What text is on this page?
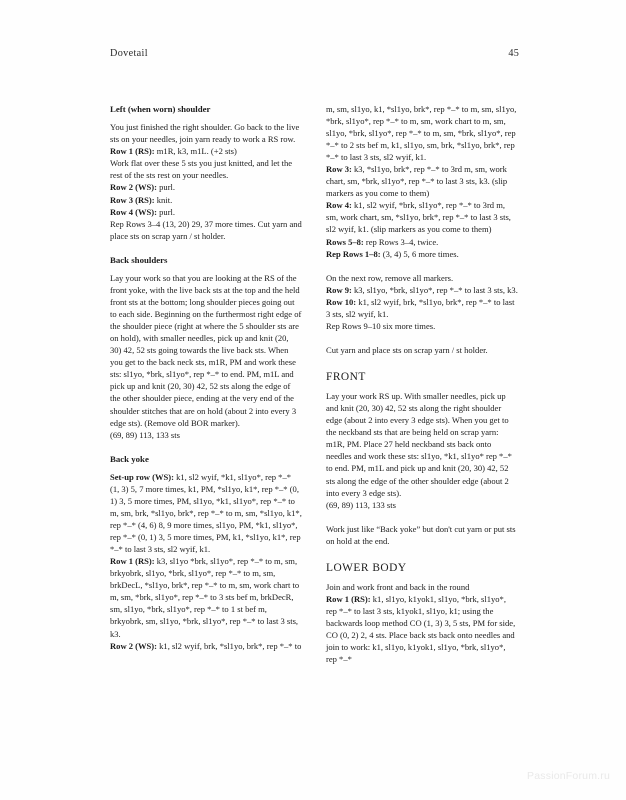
Dovetail	45

Left (when worn) shoulder

You just finished the right shoulder. Go back to the live sts on your needles, join yarn ready to work a RS row.

Row 1 (RS): m1R, k3, m1L. (+2 sts)

Work flat over these 5 sts you just knitted, and let the rest of the sts rest on your needles.

Row 2 (WS): purl.

Row 3 (RS): knit.

Row 4 (WS): purl.

Rep Rows 3–4 (13, 20) 29, 37 more times. Cut yarn and place sts on scrap yarn / st holder.

Back shoulders

Lay your work so that you are looking at the RS of the front yoke, with the live back sts at the top and the held front sts at the bottom; long shoulder pieces going out to each side. Beginning on the furthermost right edge of the shoulder piece (right at where the 5 shoulder sts are on hold), with smaller needles, pick up and knit (20, 30) 42, 52 sts going towards the live back sts. When you get to the back neck sts, m1R, PM and work these sts: sl1yo, *brk, sl1yo*, rep *–* to end. PM, m1L and pick up and knit (20, 30) 42, 52 sts along the edge of the other shoulder piece, ending at the very end of the shoulder stitches that are on hold (about 2 into every 3 edge sts). (Remove old BOR marker).

(69, 89) 113, 133 sts

Back yoke

Set-up row (WS): k1, sl2 wyif, *k1, sl1yo*, rep *–* (1, 3) 5, 7 more times, k1, PM, *sl1yo, k1*, rep *–* (0, 1) 3, 5 more times, PM, sl1yo, *k1, sl1yo*, rep *–* to m, sm, brk, *sl1yo, brk*, rep *–* to m, sm, *sl1yo, k1*, rep *–* (4, 6) 8, 9 more times, sl1yo, PM, *k1, sl1yo*, rep *–* (0, 1) 3, 5 more times, PM, k1, *sl1yo, k1*, rep *–* to last 3 sts, sl2 wyif, k1.

Row 1 (RS): k3, sl1yo *brk, sl1yo*, rep *–* to m, sm, brkyobrk, sl1yo, *brk, sl1yo*, rep *–* to m, sm, brkDecL, *sl1yo, brk*, rep *–* to m, sm, work chart to m, sm, *brk, sl1yo*, rep *–* to 3 sts bef m, brkDecR, sm, sl1yo, *brk, sl1yo*, rep *–* to 1 st bef m, brkyobrk, sm, sl1yo, *brk, sl1yo*, rep *–* to last 3 sts, k3.

Row 2 (WS): k1, sl2 wyif, brk, *sl1yo, brk*, rep *–* to

m, sm, sl1yo, k1, *sl1yo, brk*, rep *–* to m, sm, sl1yo, *brk, sl1yo*, rep *–* to m, sm, work chart to m, sm, sl1yo, *brk, sl1yo*, rep *–* to m, sm, *brk, sl1yo*, rep *–* to 2 sts bef m, k1, sl1yo, sm, brk, *sl1yo, brk*, rep *–* to last 3 sts, sl2 wyif, k1.

Row 3: k3, *sl1yo, brk*, rep *–* to 3rd m, sm, work chart, sm, *brk, sl1yo*, rep *–* to last 3 sts, k3. (slip markers as you come to them)

Row 4: k1, sl2 wyif, *brk, sl1yo*, rep *–* to 3rd m, sm, work chart, sm, *sl1yo, brk*, rep *–* to last 3 sts, sl2 wyif, k1. (slip markers as you come to them)

Rows 5–8: rep Rows 3–4, twice.

Rep Rows 1–8: (3, 4) 5, 6 more times.

On the next row, remove all markers.

Row 9: k3, sl1yo, *brk, sl1yo*, rep *–* to last 3 sts, k3.

Row 10: k1, sl2 wyif, brk, *sl1yo, brk*, rep *–* to last 3 sts, sl2 wyif, k1.

Rep Rows 9–10 six more times.

Cut yarn and place sts on scrap yarn / st holder.

FRONT

Lay your work RS up. With smaller needles, pick up and knit (20, 30) 42, 52 sts along the right shoulder edge (about 2 into every 3 edge sts). When you get to the neckband sts that are being held on scrap yarn: m1R, PM. Place 27 held neckband sts back onto needles and work these sts: sl1yo, *k1, sl1yo* rep *–* to end. PM, m1L and pick up and knit (20, 30) 42, 52 sts along the edge of the other shoulder edge (about 2 into every 3 edge sts).

(69, 89) 113, 133 sts

Work just like “Back yoke” but don't cut yarn or put sts on hold at the end.

LOWER BODY

Join and work front and back in the round

Row 1 (RS): k1, sl1yo, k1yok1, sl1yo, *brk, sl1yo*, rep *–* to last 3 sts, k1yok1, sl1yo, k1; using the backwards loop method CO (1, 3) 3, 5 sts, PM for side, CO (0, 2) 2, 4 sts. Place back sts back onto needles and join to work: k1, sl1yo, k1yok1, sl1yo, *brk, sl1yo*, rep *–*

PassionForum.ru
